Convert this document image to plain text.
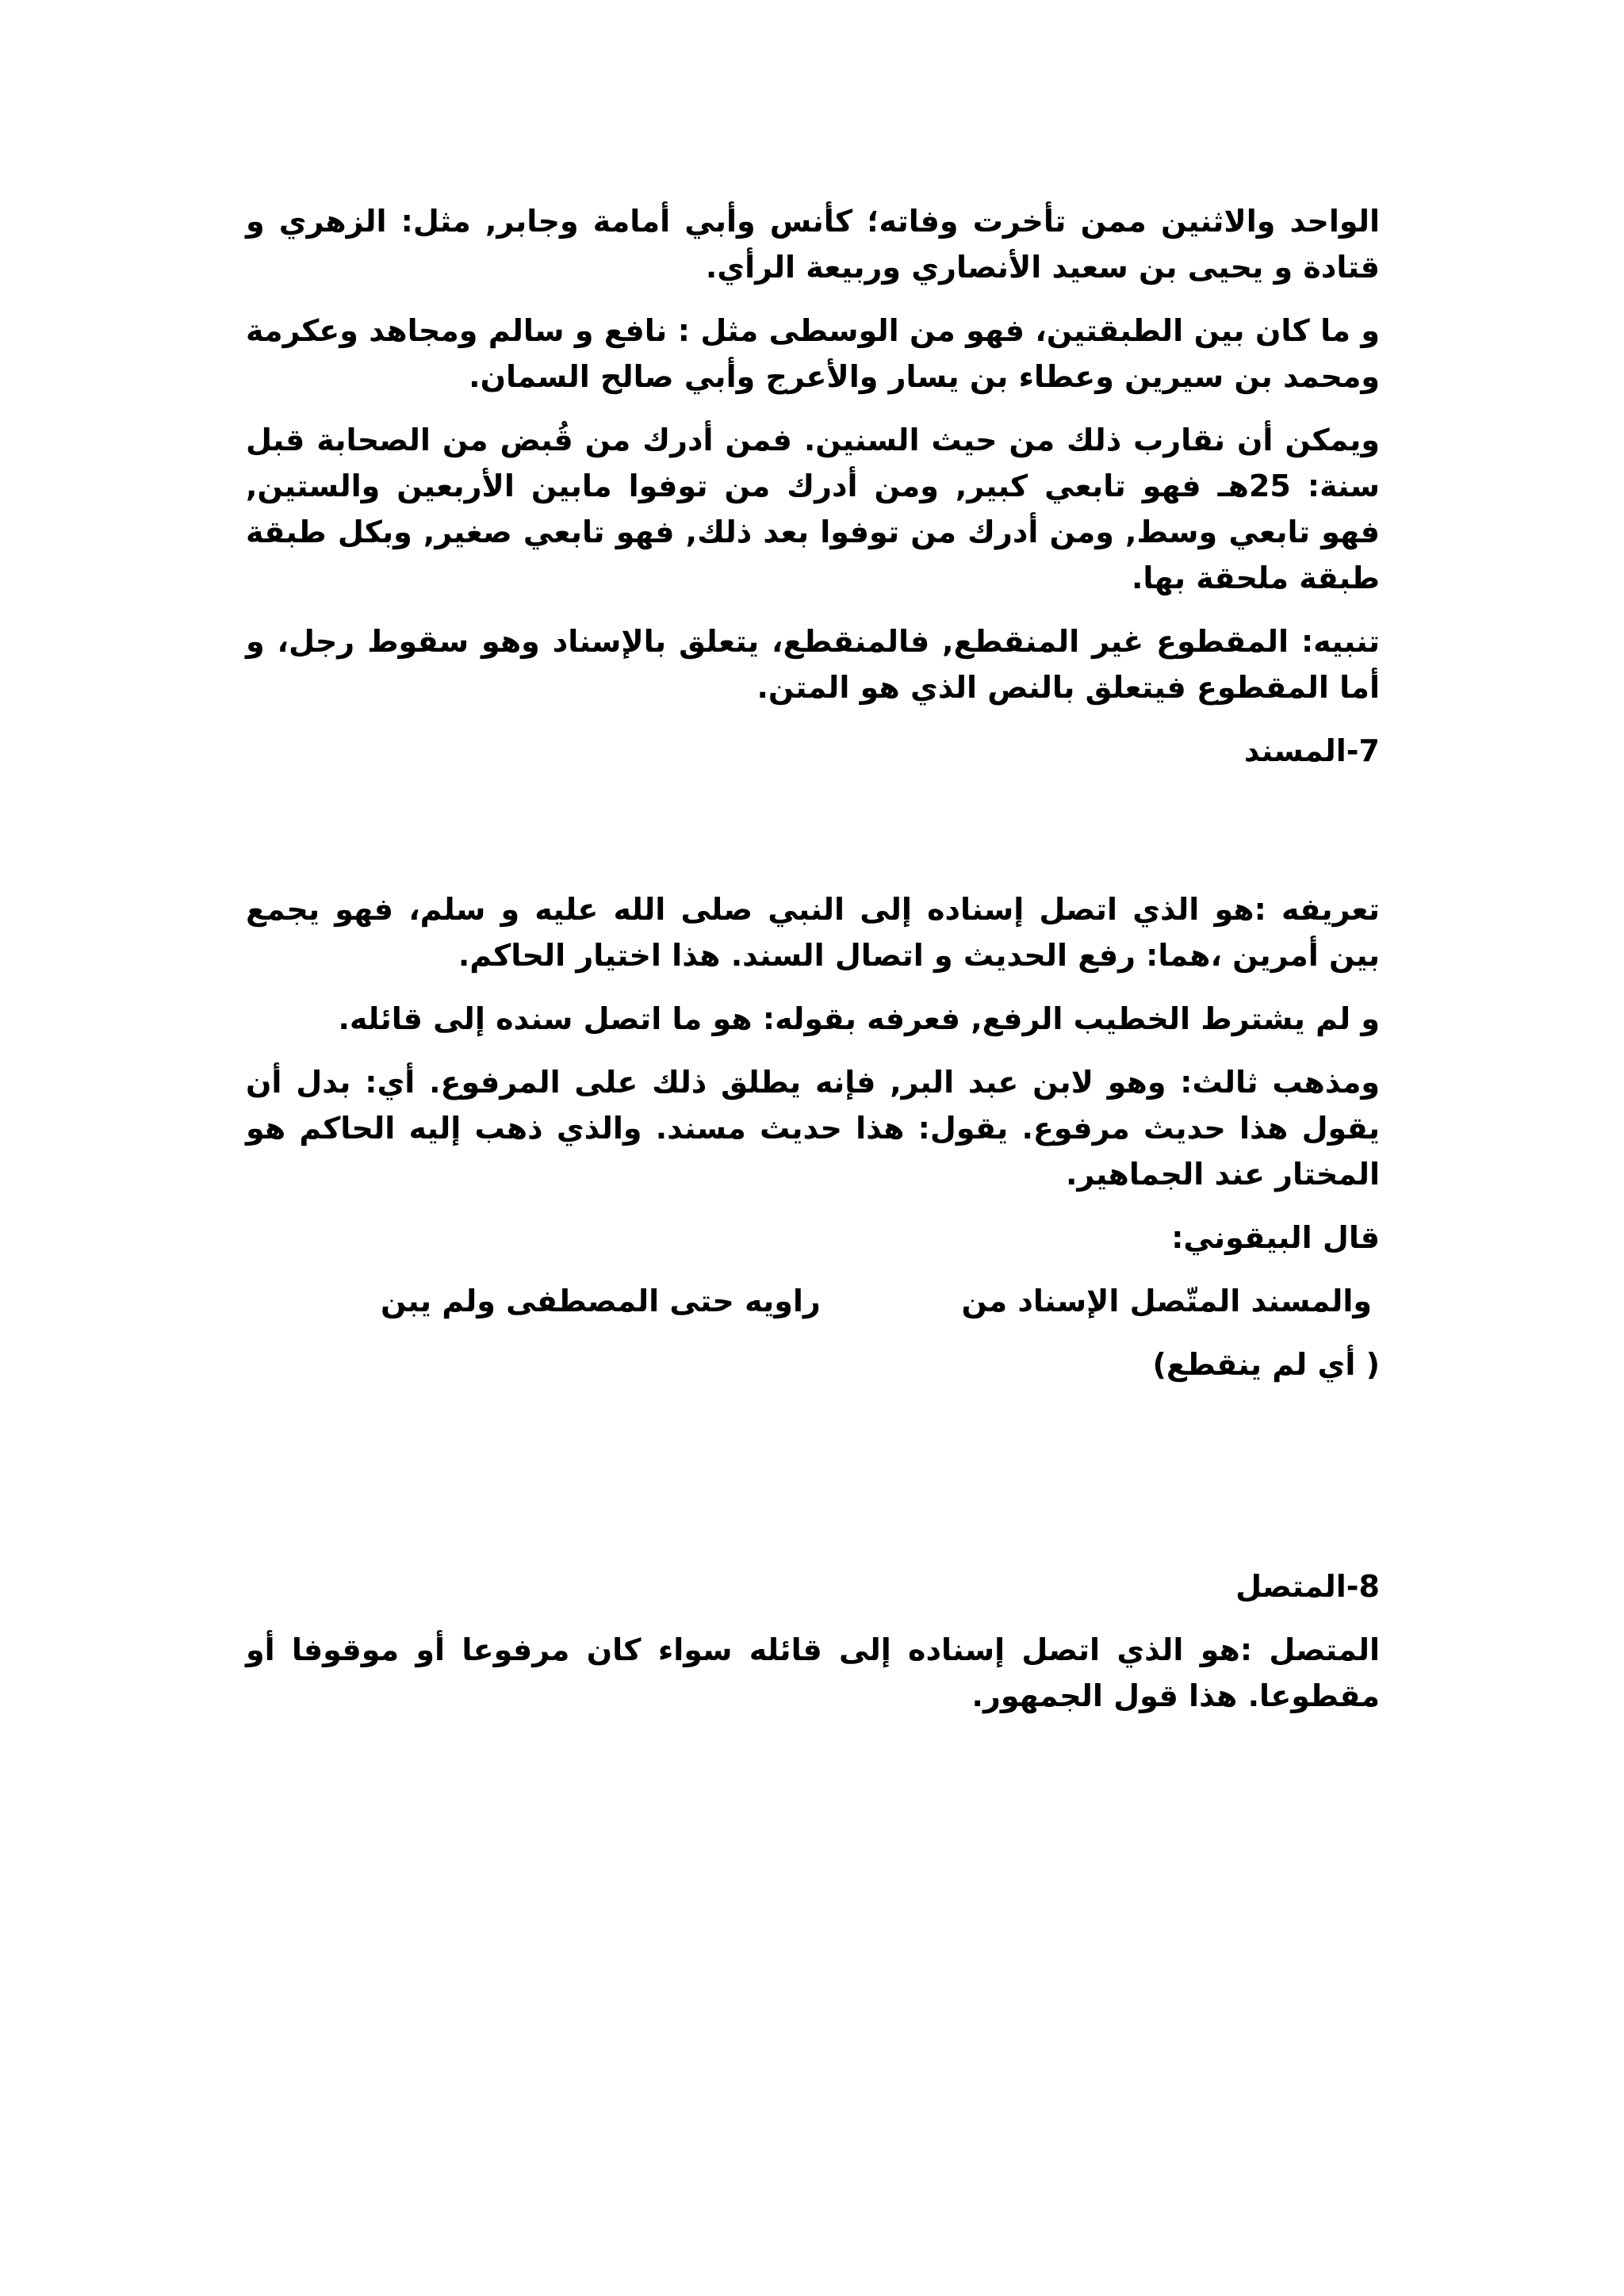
الواحد والاثنين ممن تأخرت وفاته؛ كأنس وأبي أمامة وجابر, مثل: الزهري و قتادة و يحيى بن سعيد الأنصاري وربيعة الرأي.

و ما كان بين الطبقتين، فهو من الوسطى مثل : نافع و سالم ومجاهد وعكرمة ومحمد بن سيرين وعطاء بن يسار والأعرج وأبي صالح السمان.

ويمكن أن نقارب ذلك من حيث السنين. فمن أدرك من قُبض من الصحابة قبل سنة: 25هـ فهو تابعي كبير, ومن أدرك من توفوا مابين الأربعين والستين, فهو تابعي وسط, ومن أدرك من توفوا بعد ذلك, فهو تابعي صغير, وبكل طبقة طبقة ملحقة بها.

تنبيه: المقطوع غير المنقطع, فالمنقطع، يتعلق بالإسناد وهو سقوط رجل، و أما المقطوع فيتعلق بالنص الذي هو المتن.

7-المسند

تعريفه :هو الذي اتصل إسناده إلى النبي صلى الله عليه و سلم، فهو يجمع بين أمرين ،هما: رفع الحديث و اتصال السند. هذا اختيار الحاكم.

و لم يشترط الخطيب الرفع, فعرفه بقوله: هو ما اتصل سنده إلى قائله.

ومذهب ثالث: وهو لابن عبد البر, فإنه يطلق ذلك على المرفوع. أي: بدل أن يقول هذا حديث مرفوع. يقول: هذا حديث مسند. والذي ذهب إليه الحاكم هو المختار عند الجماهير.

قال البيقوني:

والمسند المتّصل الإسناد من
راويه حتى المصطفى ولم يبن

( أي لم ينقطع)

8-المتصل

المتصل :هو الذي اتصل إسناده إلى قائله سواء كان مرفوعا أو موقوفا أو مقطوعا. هذا قول الجمهور.
